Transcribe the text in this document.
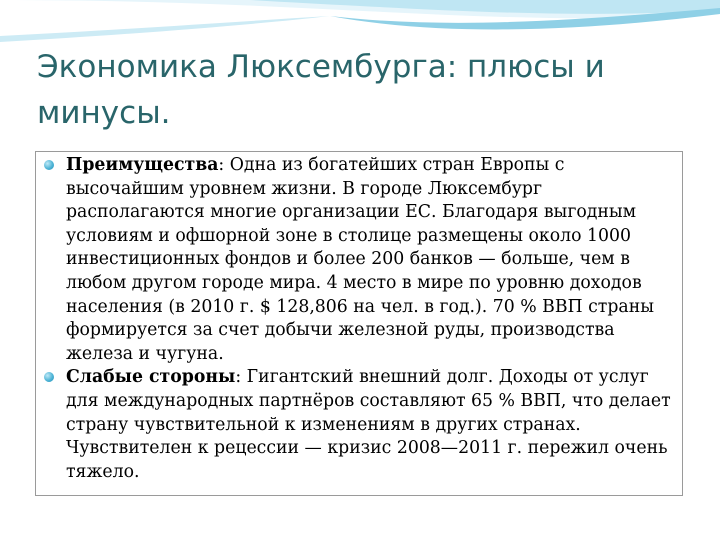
Экономика Люксембурга: плюсы и минусы.
Преимущества: Одна из богатейших стран Европы с высочайшим уровнем жизни. В городе Люксембург располагаются многие организации ЕС. Благодаря выгодным условиям и офшорной зоне в столице размещены около 1000 инвестиционных фондов и более 200 банков — больше, чем в любом другом городе мира. 4 место в мире по уровню доходов населения (в 2010 г. $ 128,806 на чел. в год.). 70 % ВВП страны формируется за счет добычи железной руды, производства железа и чугуна.
Слабые стороны: Гигантский внешний долг. Доходы от услуг для международных партнёров составляют 65 % ВВП, что делает страну чувствительной к изменениям в других странах. Чувствителен к рецессии — кризис 2008—2011 г. пережил очень тяжело.
